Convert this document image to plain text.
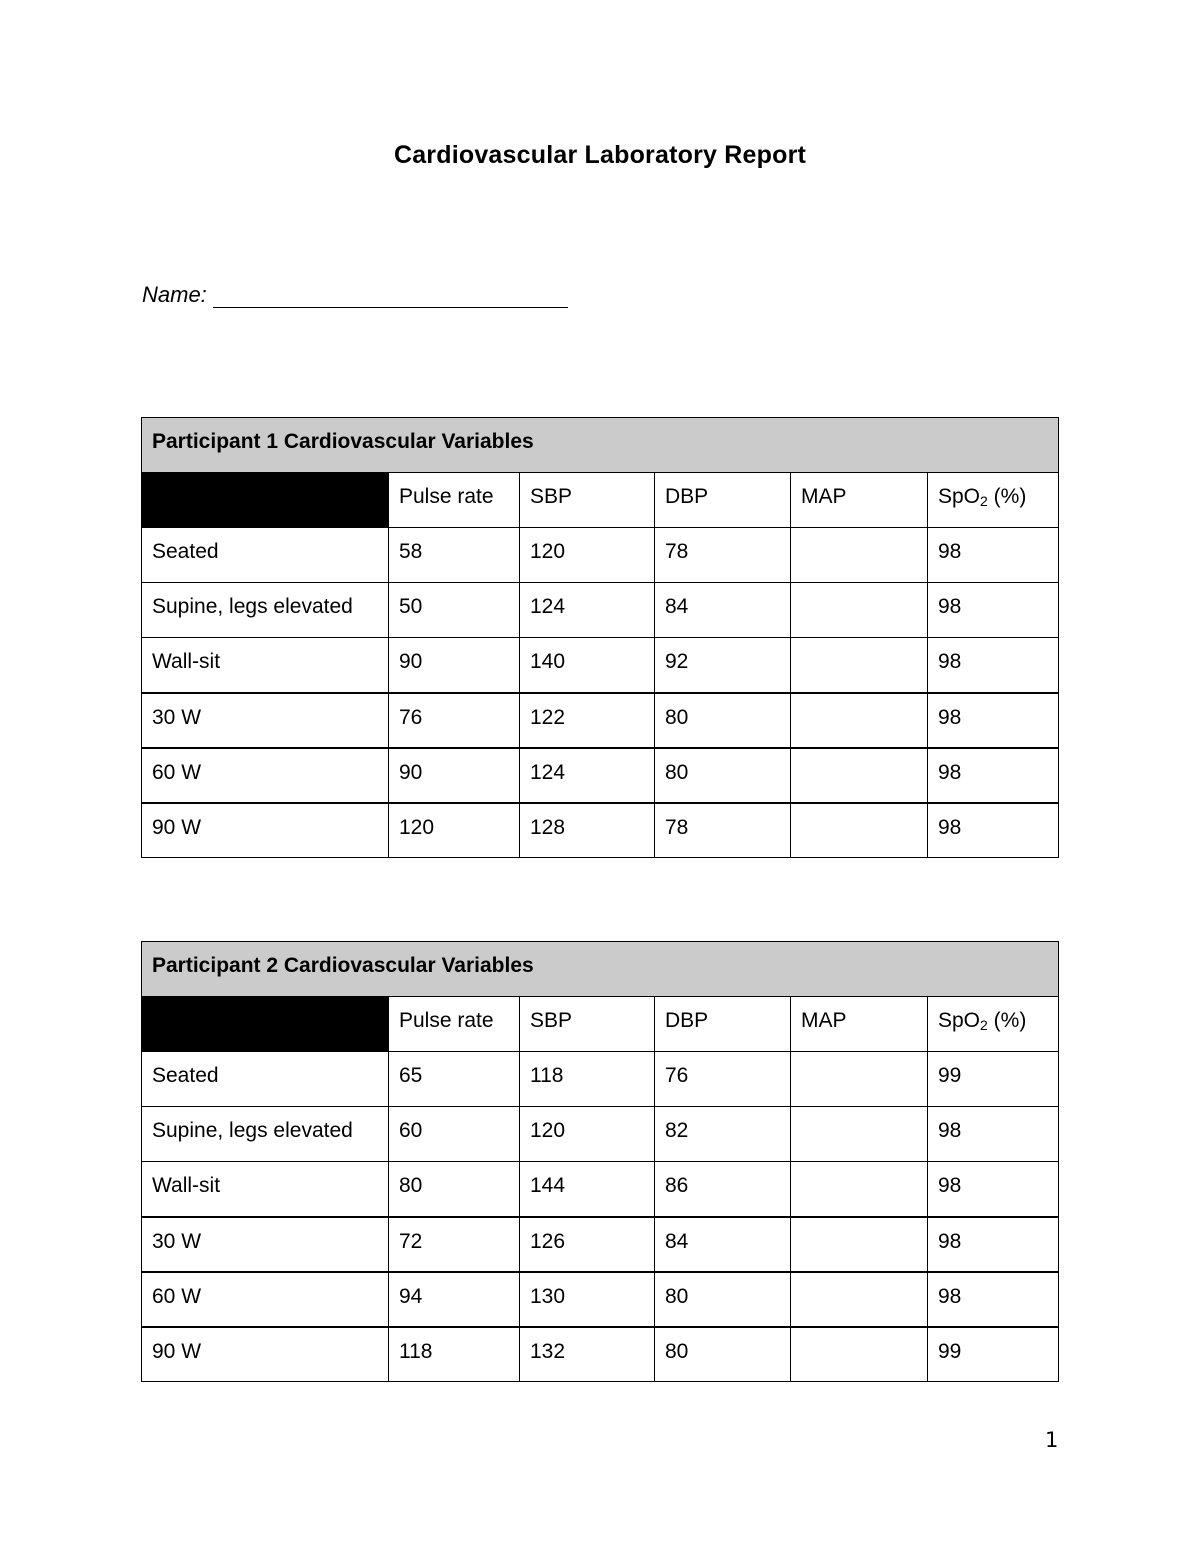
Cardiovascular Laboratory Report
Name:
Participant 1 Cardiovascular Variables					
	Pulse rate	SBP	DBP	MAP	SpO$_2$ (%)
Seated	58	120	78		98
Supine, legs elevated	50	124	84		98
Wall-sit	90	140	92		98
30 W	76	122	80		98
60 W	90	124	80		98
90 W	120	128	78		98
Participant 2 Cardiovascular Variables					
	Pulse rate	SBP	DBP	MAP	SpO$_2$ (%)
Seated	65	118	76		99
Supine, legs elevated	60	120	82		98
Wall-sit	80	144	86		98
30 W	72	126	84		98
60 W	94	130	80		98
90 W	118	132	80		99
1
